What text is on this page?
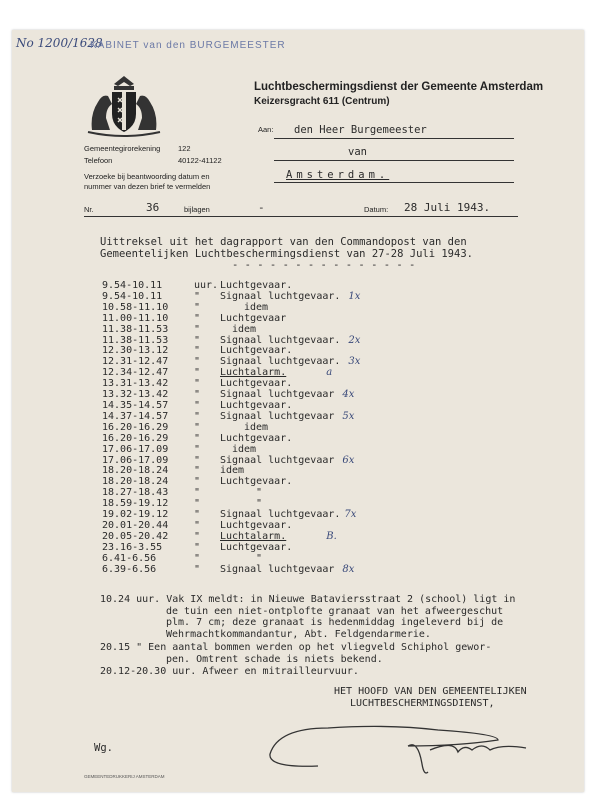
No 1200/1628
KABINET van den BURGEMEESTER
Luchtbeschermingsdienst der Gemeente Amsterdam
Keizersgracht 611 (Centrum)
Gemeentegirorekening 122
Telefoon	40122-41122
Verzoeke bij beantwoording datum en
nummer van dezen brief te vermelden
Aan: den Heer Burgemeester
van
Amsterdam.
Nr.	36	bijlagen	-	Datum: 28 Juli 1943.
Uittreksel uit het dagrapport van den Commandopost van den
Gemeentelijken Luchtbeschermingsdienst van 27-28 Juli 1943.
- - - - - - - - - - - - - - -
9.54-10.11	uur. Luchtgevaar.
9.54-10.11	" Signaal luchtgevaar. 1x
10.58-11.10	"	idem
11.00-11.10	" Luchtgevaar
11.38-11.53	"	idem
11.38-11.53	" Signaal luchtgevaar. 2x
12.30-13.12	" Luchtgevaar.
12.31-12.47	" Signaal luchtgevaar. 3x
12.34-12.47	" Luchtalarm.	a
13.31-13.42	" Luchtgevaar.
13.32-13.42	" Signaal luchtgevaar 4x
14.35-14.57	" Luchtgevaar.
14.37-14.57	" Signaal luchtgevaar 5x
16.20-16.29	"	idem
16.20-16.29	" Luchtgevaar.
17.06-17.09	"	idem
17.06-17.09	" Signaal luchtgevaar 6x
18.20-18.24	" idem
18.20-18.24	" Luchtgevaar.
18.27-18.43	"	"
18.59-19.12	"	"
19.02-19.12	" Signaal luchtgevaar. 7x
20.01-20.44	" Luchtgevaar.
20.05-20.42	" Luchtalarm.	B.
23.16-3.55	" Luchtgevaar.
6.41-6.56	"	"
6.39-6.56	" Signaal luchtgevaar 8x
10.24 uur. Vak IX meldt: in Nieuwe Bataviersstraat 2 (school) ligt in
de tuin een niet-ontplofte granaat van het afweergeschut
plm. 7 cm; deze granaat is hedenmiddag ingeleverd bij de
Wehrmachtkommandantur, Abt. Feldgendarmerie.
20.15 " Een aantal bommen werden op het vliegveld Schiphol gewor-
pen. Omtrent schade is niets bekend.
20.12-20.30 uur. Afweer en mitrailleurvuur.
HET HOOFD VAN DEN GEMEENTELIJKEN
LUCHTBESCHERMINGSDIENST,
Wg.
GEMEENTEDRUKKERIJ AMSTERDAM
